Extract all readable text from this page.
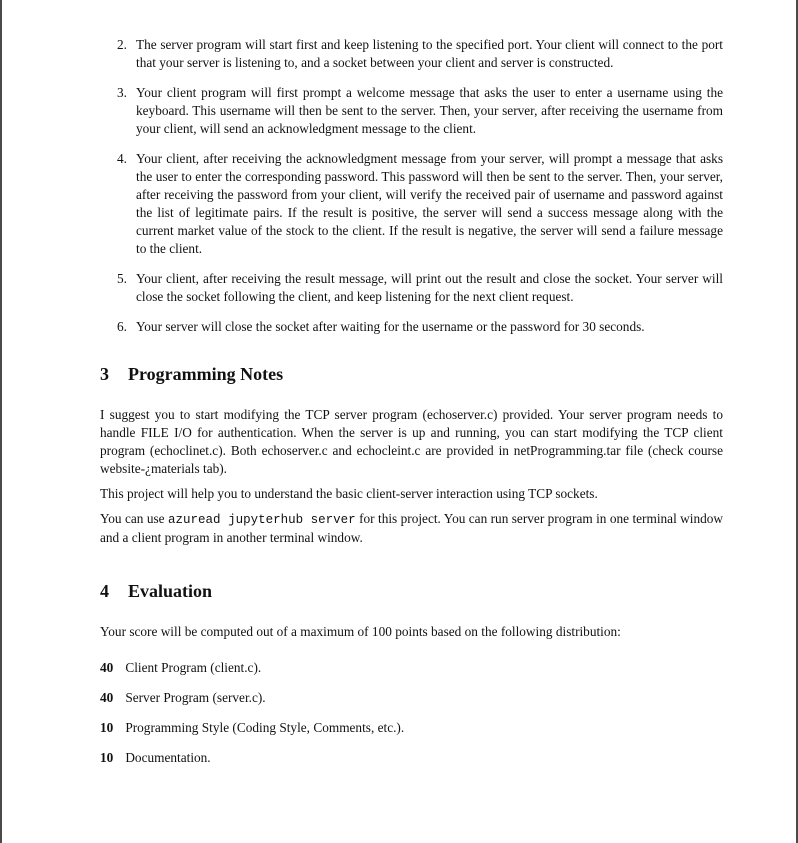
2. The server program will start first and keep listening to the specified port. Your client will connect to the port that your server is listening to, and a socket between your client and server is constructed.
3. Your client program will first prompt a welcome message that asks the user to enter a username using the keyboard. This username will then be sent to the server. Then, your server, after receiving the username from your client, will send an acknowledgment message to the client.
4. Your client, after receiving the acknowledgment message from your server, will prompt a message that asks the user to enter the corresponding password. This password will then be sent to the server. Then, your server, after receiving the password from your client, will verify the received pair of username and password against the list of legitimate pairs. If the result is positive, the server will send a success message along with the current market value of the stock to the client. If the result is negative, the server will send a failure message to the client.
5. Your client, after receiving the result message, will print out the result and close the socket. Your server will close the socket following the client, and keep listening for the next client request.
6. Your server will close the socket after waiting for the username or the password for 30 seconds.
3 Programming Notes

I suggest you to start modifying the TCP server program (echoserver.c) provided. Your server program needs to handle FILE I/O for authentication. When the server is up and running, you can start modifying the TCP client program (echoclinet.c). Both echoserver.c and echocleint.c are provided in netProgramming.tar file (check course website-¿materials tab).

This project will help you to understand the basic client-server interaction using TCP sockets.

You can use azuread jupyterhub server for this project. You can run server program in one terminal window and a client program in another terminal window.

4 Evaluation

Your score will be computed out of a maximum of 100 points based on the following distribution:

40 Client Program (client.c).
40 Server Program (server.c).
10 Programming Style (Coding Style, Comments, etc.).
10 Documentation.
